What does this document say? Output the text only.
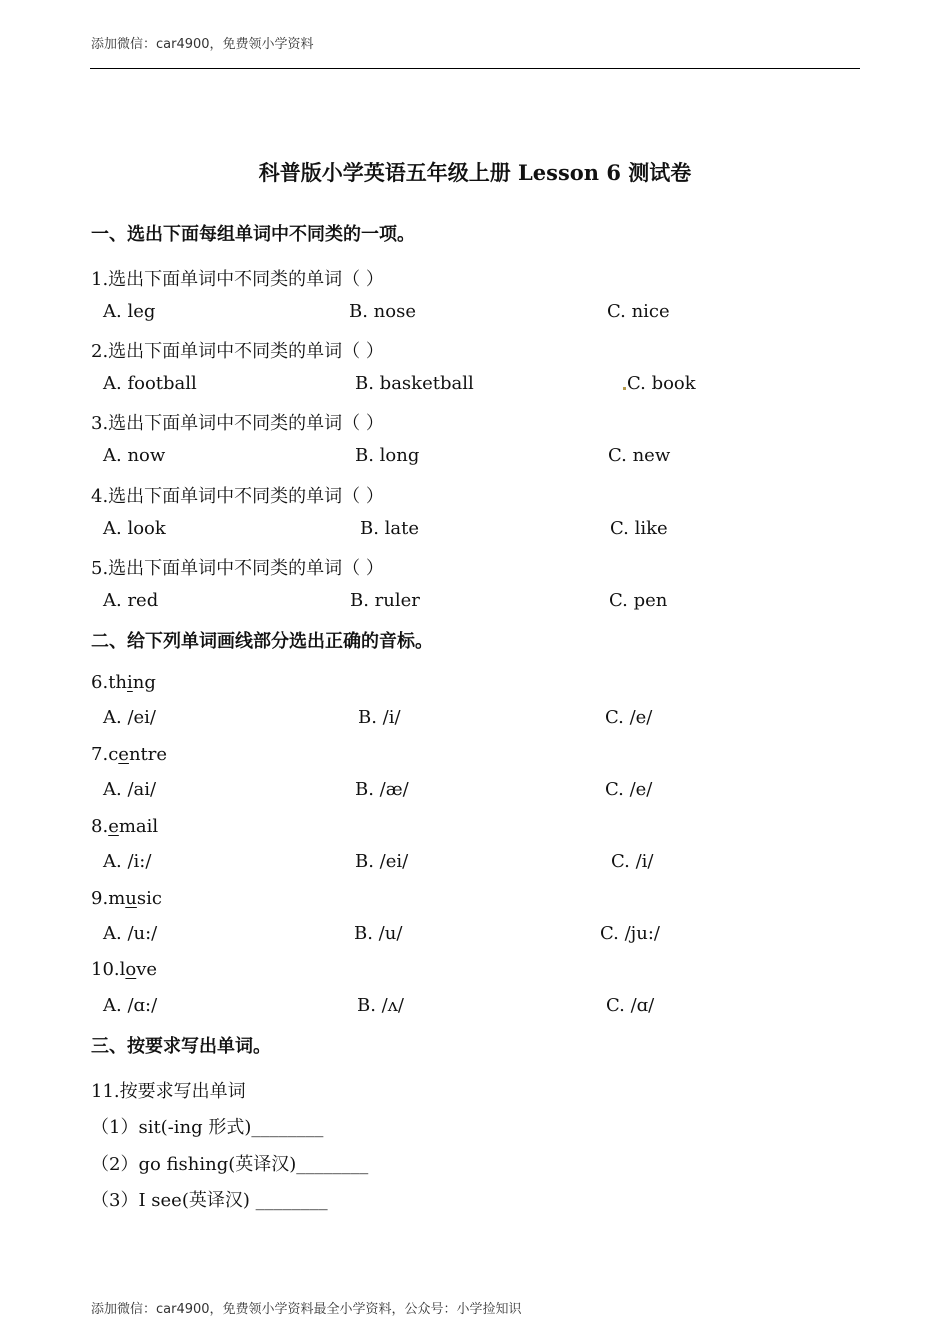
添加微信：car4900，免费领小学资料
科普版小学英语五年级上册 Lesson 6 测试卷
一、选出下面每组单词中不同类的一项。
1.选出下面单词中不同类的单词（ ）
A. leg	B. nose	C. nice
2.选出下面单词中不同类的单词（ ）
A. football	B. basketball	C. book
3.选出下面单词中不同类的单词（ ）
A. now	B. long	C. new
4.选出下面单词中不同类的单词（ ）
A. look	B. late	C. like
5.选出下面单词中不同类的单词（ ）
A. red	B. ruler	C. pen
二、给下列单词画线部分选出正确的音标。
6.thing
A. /ei/	B. /i/	C. /e/
7.centre
A. /ai/	B. /æ/	C. /e/
8.email
A. /i:/	B. /ei/	C. /i/
9.music
A. /u:/	B. /u/	C. /ju:/
10.love
A. /ɑ:/	B. /ʌ/	C. /ɑ/
三、按要求写出单词。
11.按要求写出单词
（1）sit(-ing 形式)________
（2）go fishing(英译汉)________
（3）I see(英译汉) ________
添加微信：car4900，免费领小学资料最全小学资料，公众号：小学捡知识
